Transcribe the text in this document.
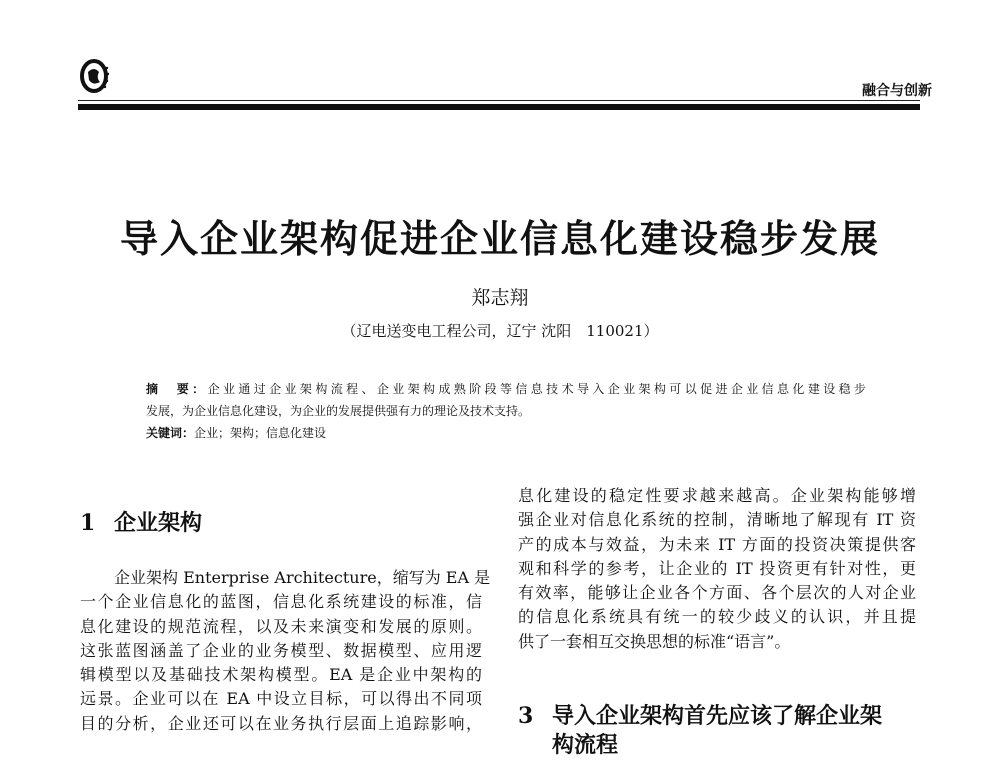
融合与创新
导入企业架构促进企业信息化建设稳步发展
郑志翔
（辽电送变电工程公司，辽宁 沈阳　110021）
摘　要：企业通过企业架构流程、企业架构成熟阶段等信息技术导入企业架构可以促进企业信息化建设稳步
发展，为企业信息化建设，为企业的发展提供强有力的理论及技术支持。
关键词：企业；架构；信息化建设
1 企业架构
企业架构 Enterprise Architecture，缩写为 EA 是
一个企业信息化的蓝图，信息化系统建设的标准，信
息化建设的规范流程，以及未来演变和发展的原则。
这张蓝图涵盖了企业的业务模型、数据模型、应用逻
辑模型以及基础技术架构模型。EA 是企业中架构的
远景。企业可以在 EA 中设立目标，可以得出不同项
目的分析，企业还可以在业务执行层面上追踪影响，
息化建设的稳定性要求越来越高。企业架构能够增
强企业对信息化系统的控制，清晰地了解现有 IT 资
产的成本与效益，为未来 IT 方面的投资决策提供客
观和科学的参考，让企业的 IT 投资更有针对性，更
有效率，能够让企业各个方面、各个层次的人对企业
的信息化系统具有统一的较少歧义的认识，并且提
供了一套相互交换思想的标准“语言”。
3 导入企业架构首先应该了解企业架
构流程
